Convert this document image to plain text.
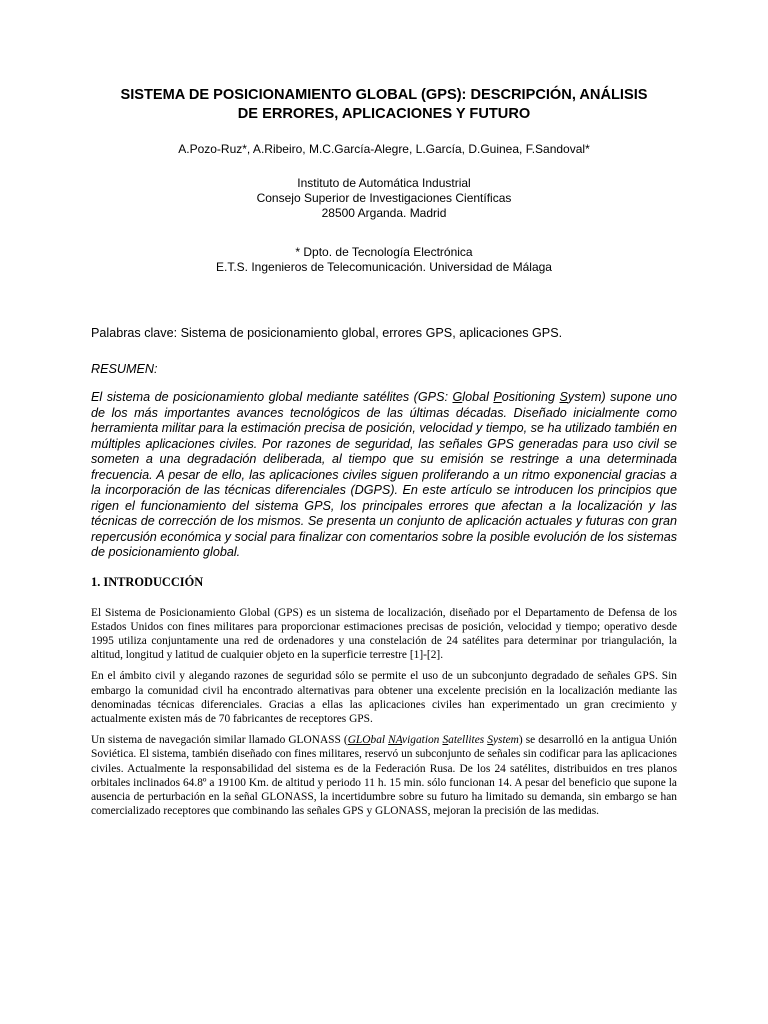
SISTEMA DE POSICIONAMIENTO GLOBAL (GPS): DESCRIPCIÓN, ANÁLISIS
DE ERRORES, APLICACIONES Y FUTURO
A.Pozo-Ruz*, A.Ribeiro, M.C.García-Alegre, L.García, D.Guinea, F.Sandoval*
Instituto de Automática Industrial
Consejo Superior de Investigaciones Científicas
28500 Arganda. Madrid
* Dpto. de Tecnología Electrónica
E.T.S. Ingenieros de Telecomunicación. Universidad de Málaga
Palabras clave: Sistema de posicionamiento global, errores GPS, aplicaciones GPS.
RESUMEN:
El sistema de posicionamiento global mediante satélites (GPS: Global Positioning System) supone uno de los más importantes avances tecnológicos de las últimas décadas. Diseñado inicialmente como herramienta militar para la estimación precisa de posición, velocidad y tiempo, se ha utilizado también en múltiples aplicaciones civiles. Por razones de seguridad, las señales GPS generadas para uso civil se someten a una degradación deliberada, al tiempo que su emisión se restringe a una determinada frecuencia. A pesar de ello, las aplicaciones civiles siguen proliferando a un ritmo exponencial gracias a la incorporación de las técnicas diferenciales (DGPS). En este artículo se introducen los principios que rigen el funcionamiento del sistema GPS, los principales errores que afectan a la localización y las técnicas de corrección de los mismos. Se presenta un conjunto de aplicación actuales y futuras con gran repercusión económica y social para finalizar con comentarios sobre la posible evolución de los sistemas de posicionamiento global.
1. INTRODUCCIÓN
El Sistema de Posicionamiento Global (GPS) es un sistema de localización, diseñado por el Departamento de Defensa de los Estados Unidos con fines militares para proporcionar estimaciones precisas de posición, velocidad y tiempo; operativo desde 1995 utiliza conjuntamente una red de ordenadores y una constelación de 24 satélites para determinar por triangulación, la altitud, longitud y latitud de cualquier objeto en la superficie terrestre [1]-[2].
En el ámbito civil y alegando razones de seguridad sólo se permite el uso de un subconjunto degradado de señales GPS. Sin embargo la comunidad civil ha encontrado alternativas para obtener una excelente precisión en la localización mediante las denominadas técnicas diferenciales. Gracias a ellas las aplicaciones civiles han experimentado un gran crecimiento y actualmente existen más de 70 fabricantes de receptores GPS.
Un sistema de navegación similar llamado GLONASS (GLObal NAvigation Satellites System) se desarrolló en la antigua Unión Soviética. El sistema, también diseñado con fines militares, reservó un subconjunto de señales sin codificar para las aplicaciones civiles. Actualmente la responsabilidad del sistema es de la Federación Rusa. De los 24 satélites, distribuidos en tres planos orbitales inclinados 64.8º a 19100 Km. de altitud y periodo 11 h. 15 min. sólo funcionan 14. A pesar del beneficio que supone la ausencia de perturbación en la señal GLONASS, la incertidumbre sobre su futuro ha limitado su demanda, sin embargo se han comercializado receptores que combinando las señales GPS y GLONASS, mejoran la precisión de las medidas.
